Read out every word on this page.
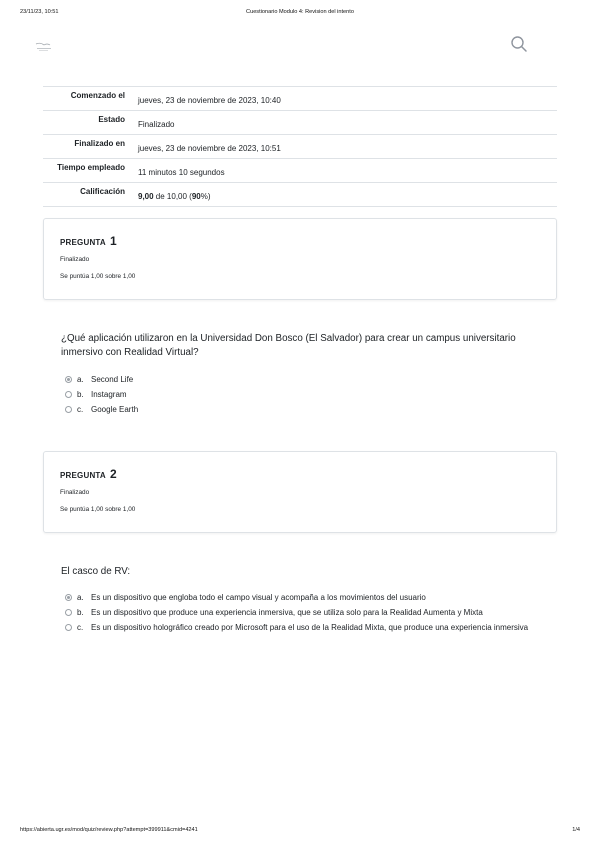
23/11/23, 10:51	Cuestionario Modulo 4: Revision del intento
Comenzado el
jueves, 23 de noviembre de 2023, 10:40
Estado
Finalizado
Finalizado en
jueves, 23 de noviembre de 2023, 10:51
Tiempo empleado
11 minutos 10 segundos
Calificación
9,00 de 10,00 (90%)
PREGUNTA 1
Finalizado
Se puntúa 1,00 sobre 1,00
¿Qué aplicación utilizaron en la Universidad Don Bosco (El Salvador) para crear un campus universitario inmersivo con Realidad Virtual?
a. Second Life
b. Instagram
c. Google Earth
PREGUNTA 2
Finalizado
Se puntúa 1,00 sobre 1,00
El casco de RV:
a. Es un dispositivo que engloba todo el campo visual y acompaña a los movimientos del usuario
b. Es un dispositivo que produce una experiencia inmersiva, que se utiliza solo para la Realidad Aumenta y Mixta
c. Es un dispositivo holográfico creado por Microsoft para el uso de la Realidad Mixta, que produce una experiencia inmersiva
https://abierta.ugr.es/mod/quiz/review.php?attempt=399911&cmid=4241	1/4
